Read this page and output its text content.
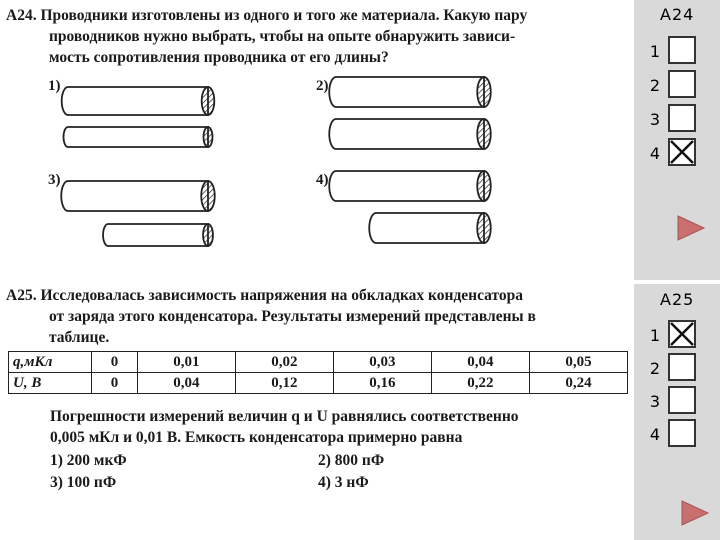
А24. Проводники изготовлены из одного и того же материала. Какую пару
проводников нужно выбрать, чтобы на опыте обнаружить зависи-
мость сопротивления проводника от его длины?
1)	2)
3)	4)
А24
1
2
3
4
А25. Исследовалась зависимость напряжения на обкладках конденсатора
от заряда этого конденсатора. Результаты измерений представлены в
таблице.
q,мКл	0	0,01	0,02	0,03	0,04	0,05
U, В	0	0,04	0,12	0,16	0,22	0,24
Погрешности измерений величин q и U равнялись соответственно
0,005 мКл и 0,01 В. Емкость конденсатора примерно равна
1) 200 мкФ	2) 800 пФ
3) 100 пФ	4) 3 нФ
А25
1
2
3
4
